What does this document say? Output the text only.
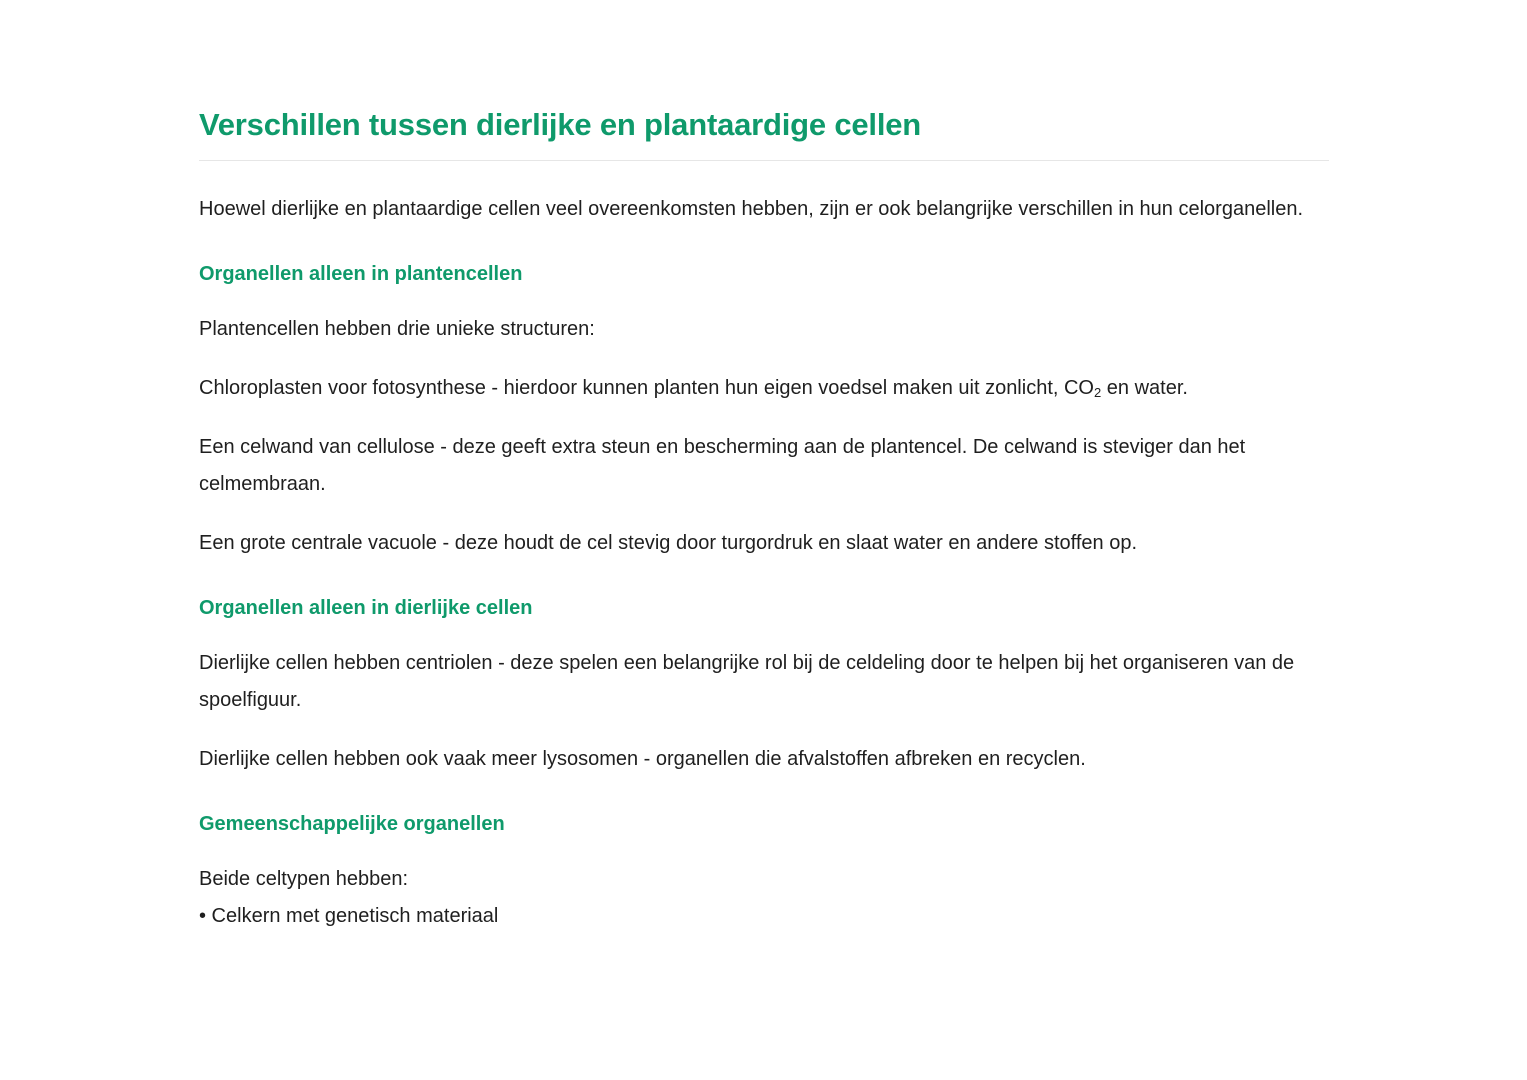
Verschillen tussen dierlijke en plantaardige cellen

Hoewel dierlijke en plantaardige cellen veel overeenkomsten hebben, zijn er ook belangrijke verschillen in hun celorganellen.

Organellen alleen in plantencellen

Plantencellen hebben drie unieke structuren:

Chloroplasten voor fotosynthese - hierdoor kunnen planten hun eigen voedsel maken uit zonlicht, $CO_2$ en water.

Een celwand van cellulose - deze geeft extra steun en bescherming aan de plantencel. De celwand is steviger dan het celmembraan.

Een grote centrale vacuole - deze houdt de cel stevig door turgordruk en slaat water en andere stoffen op.

Organellen alleen in dierlijke cellen

Dierlijke cellen hebben centriolen - deze spelen een belangrijke rol bij de celdeling door te helpen bij het organiseren van de spoelfiguur.

Dierlijke cellen hebben ook vaak meer lysosomen - organellen die afvalstoffen afbreken en recyclen.

Gemeenschappelijke organellen

Beide celtypen hebben:

• Celkern met genetisch materiaal
